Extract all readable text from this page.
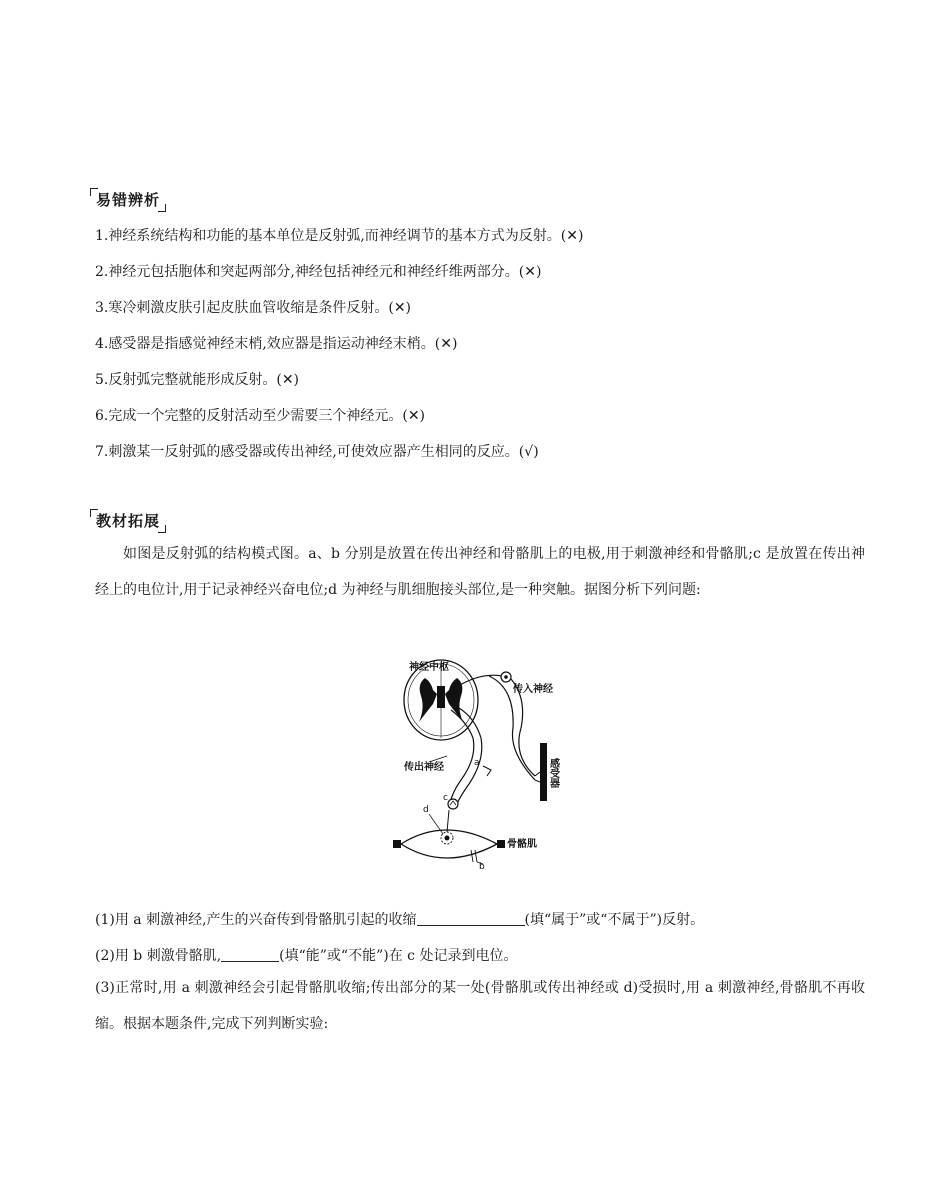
易错辨析
1.神经系统结构和功能的基本单位是反射弧,而神经调节的基本方式为反射。(✕)
2.神经元包括胞体和突起两部分,神经包括神经元和神经纤维两部分。(✕)
3.寒冷刺激皮肤引起皮肤血管收缩是条件反射。(✕)
4.感受器是指感觉神经末梢,效应器是指运动神经末梢。(✕)
5.反射弧完整就能形成反射。(✕)
6.完成一个完整的反射活动至少需要三个神经元。(✕)
7.刺激某一反射弧的感受器或传出神经,可使效应器产生相同的反应。(√)
教材拓展
如图是反射弧的结构模式图。a、b 分别是放置在传出神经和骨骼肌上的电极,用于刺激神经和骨骼肌;c 是放置在传出神经上的电位计,用于记录神经兴奋电位;d 为神经与肌细胞接头部位,是一种突触。据图分析下列问题:
神经中枢
传入神经
传出神经	感受器
骨骼肌
a
b
c
d
(1)用 a 刺激神经,产生的兴奋传到骨骼肌引起的收缩	(填“属于”或“不属于”)反射。
(2)用 b 刺激骨骼肌,	(填“能”或“不能”)在 c 处记录到电位。
(3)正常时,用 a 刺激神经会引起骨骼肌收缩;传出部分的某一处(骨骼肌或传出神经或 d)受损时,用 a 刺激神经,骨骼肌不再收缩。根据本题条件,完成下列判断实验:
